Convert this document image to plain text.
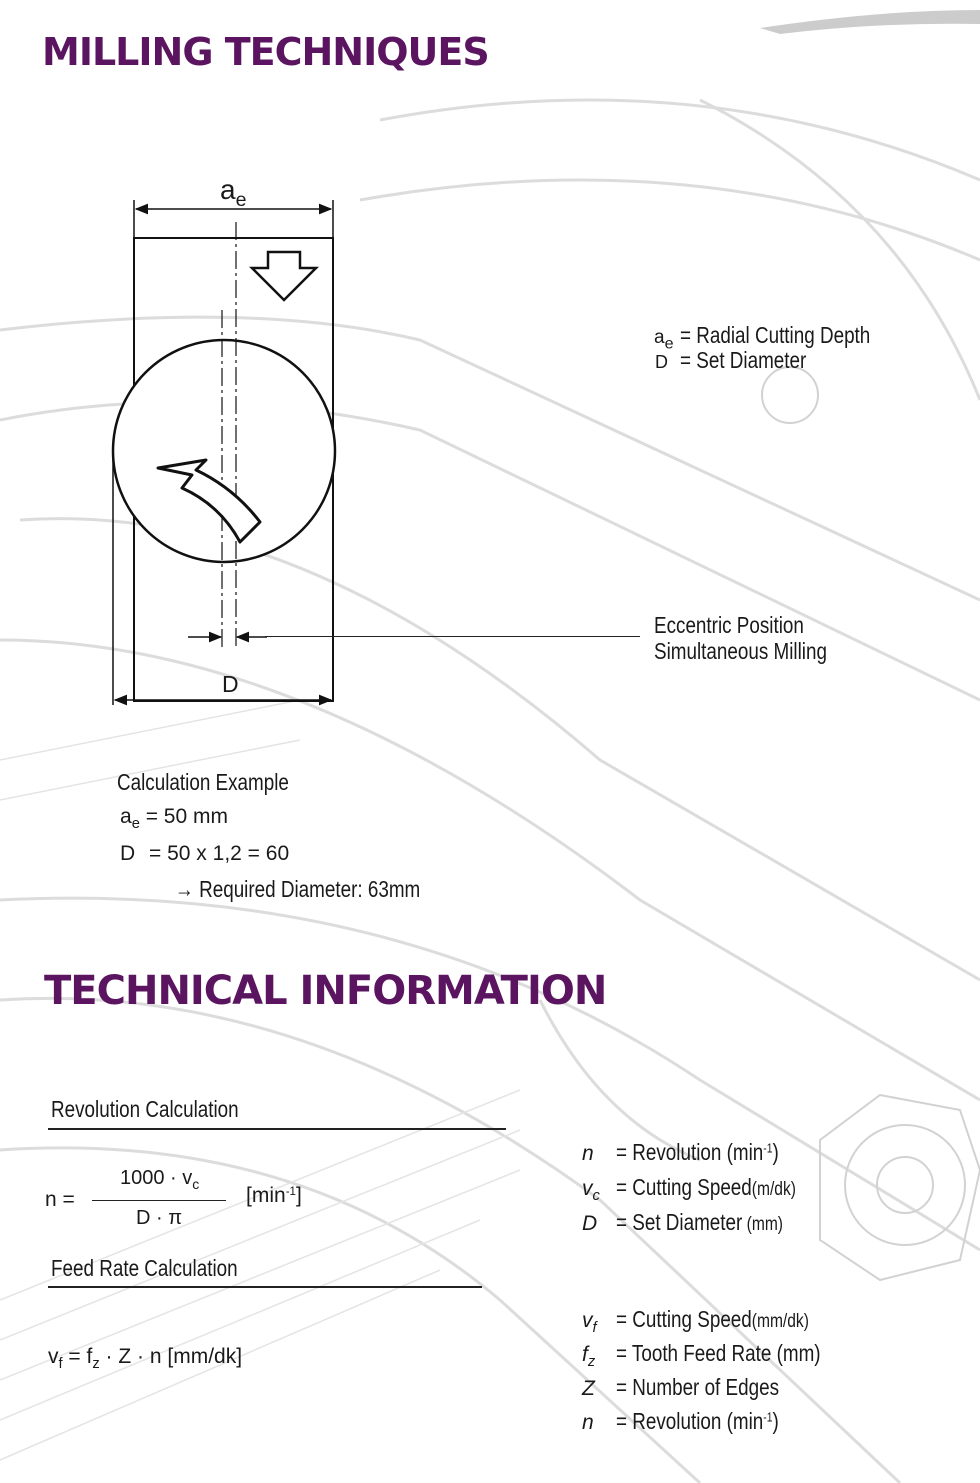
MILLING TECHNIQUES
$a_e$
D
$a_e$ = Radial Cutting Depth
D = Set Diameter
Eccentric Position
Simultaneous Milling
Calculation Example
$a_e = 50$ mm
D = 50 x 1,2 = 60
→ Required Diameter: 63mm
TECHNICAL INFORMATION
Revolution Calculation
n =
$1000 \cdot v_c$
D · π
$[\min^{-1}]$
n = Revolution $(\min^{-1})$
$v_c$ = Cutting Speed(m/dk)
D = Set Diameter (mm)
Feed Rate Calculation
$v_f = f_z \cdot Z \cdot n$ [mm/dk]
$v_f$ = Cutting Speed(mm/dk)
$f_z$ = Tooth Feed Rate (mm)
Z = Number of Edges
n = Revolution $(\min^{-1})$
